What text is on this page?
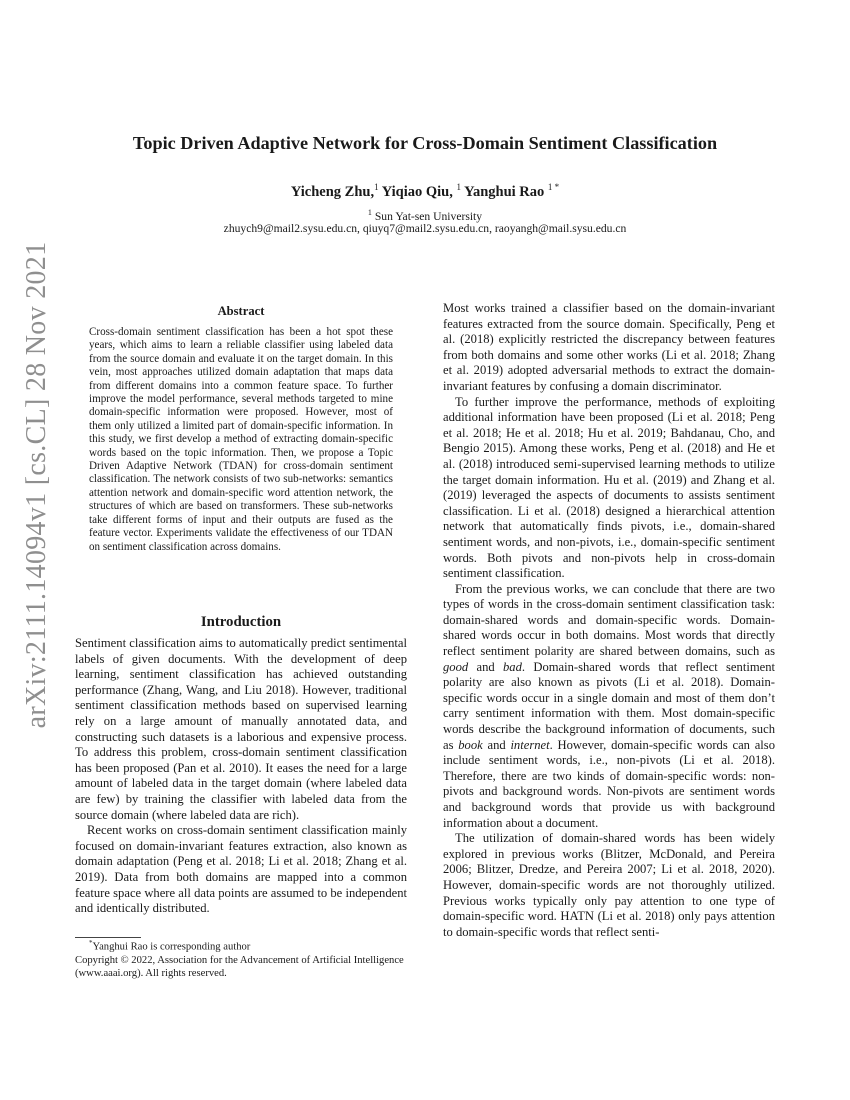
arXiv:2111.14094v1 [cs.CL] 28 Nov 2021
Topic Driven Adaptive Network for Cross-Domain Sentiment Classification
Yicheng Zhu,$^1$ Yiqiao Qiu, $^1$ Yanghui Rao $^{1 *}$
$^1$ Sun Yat-sen University
zhuych9@mail2.sysu.edu.cn, qiuyq7@mail2.sysu.edu.cn, raoyangh@mail.sysu.edu.cn
Abstract

Cross-domain sentiment classification has been a hot spot these years, which aims to learn a reliable classifier using labeled data from the source domain and evaluate it on the target domain. In this vein, most approaches utilized domain adaptation that maps data from different domains into a common feature space. To further improve the model performance, several methods targeted to mine domain-specific information were proposed. However, most of them only utilized a limited part of domain-specific information. In this study, we first develop a method of extracting domain-specific words based on the topic information. Then, we propose a Topic Driven Adaptive Network (TDAN) for cross-domain sentiment classification. The network consists of two sub-networks: semantics attention network and domain-specific word attention network, the structures of which are based on transformers. These sub-networks take different forms of input and their outputs are fused as the feature vector. Experiments validate the effectiveness of our TDAN on sentiment classification across domains.

Introduction

Sentiment classification aims to automatically predict sentimental labels of given documents. With the development of deep learning, sentiment classification has achieved outstanding performance (Zhang, Wang, and Liu 2018). However, traditional sentiment classification methods based on supervised learning rely on a large amount of manually annotated data, and constructing such datasets is a laborious and expensive process. To address this problem, cross-domain sentiment classification has been proposed (Pan et al. 2010). It eases the need for a large amount of labeled data in the target domain (where labeled data are few) by training the classifier with labeled data from the source domain (where labeled data are rich).

Recent works on cross-domain sentiment classification mainly focused on domain-invariant features extraction, also known as domain adaptation (Peng et al. 2018; Li et al. 2018; Zhang et al. 2019). Data from both domains are mapped into a common feature space where all data points are assumed to be independent and identically distributed.

*Yanghui Rao is corresponding author
Copyright © 2022, Association for the Advancement of Artificial Intelligence (www.aaai.org). All rights reserved.

Most works trained a classifier based on the domain-invariant features extracted from the source domain. Specifically, Peng et al. (2018) explicitly restricted the discrepancy between features from both domains and some other works (Li et al. 2018; Zhang et al. 2019) adopted adversarial methods to extract the domain-invariant features by confusing a domain discriminator.

To further improve the performance, methods of exploiting additional information have been proposed (Li et al. 2018; Peng et al. 2018; He et al. 2018; Hu et al. 2019; Bahdanau, Cho, and Bengio 2015). Among these works, Peng et al. (2018) and He et al. (2018) introduced semi-supervised learning methods to utilize the target domain information. Hu et al. (2019) and Zhang et al. (2019) leveraged the aspects of documents to assists sentiment classification. Li et al. (2018) designed a hierarchical attention network that automatically finds pivots, i.e., domain-shared sentiment words, and non-pivots, i.e., domain-specific sentiment words. Both pivots and non-pivots help in cross-domain sentiment classification.

From the previous works, we can conclude that there are two types of words in the cross-domain sentiment classification task: domain-shared words and domain-specific words. Domain-shared words occur in both domains. Most words that directly reflect sentiment polarity are shared between domains, such as good and bad. Domain-shared words that reflect sentiment polarity are also known as pivots (Li et al. 2018). Domain-specific words occur in a single domain and most of them don’t carry sentiment information with them. Most domain-specific words describe the background information of documents, such as book and internet. However, domain-specific words can also include sentiment words, i.e., non-pivots (Li et al. 2018). Therefore, there are two kinds of domain-specific words: non-pivots and background words. Non-pivots are sentiment words and background words that provide us with background information about a document.

The utilization of domain-shared words has been widely explored in previous works (Blitzer, McDonald, and Pereira 2006; Blitzer, Dredze, and Pereira 2007; Li et al. 2018, 2020). However, domain-specific words are not thoroughly utilized. Previous works typically only pay attention to one type of domain-specific word. HATN (Li et al. 2018) only pays attention to domain-specific words that reflect senti-
